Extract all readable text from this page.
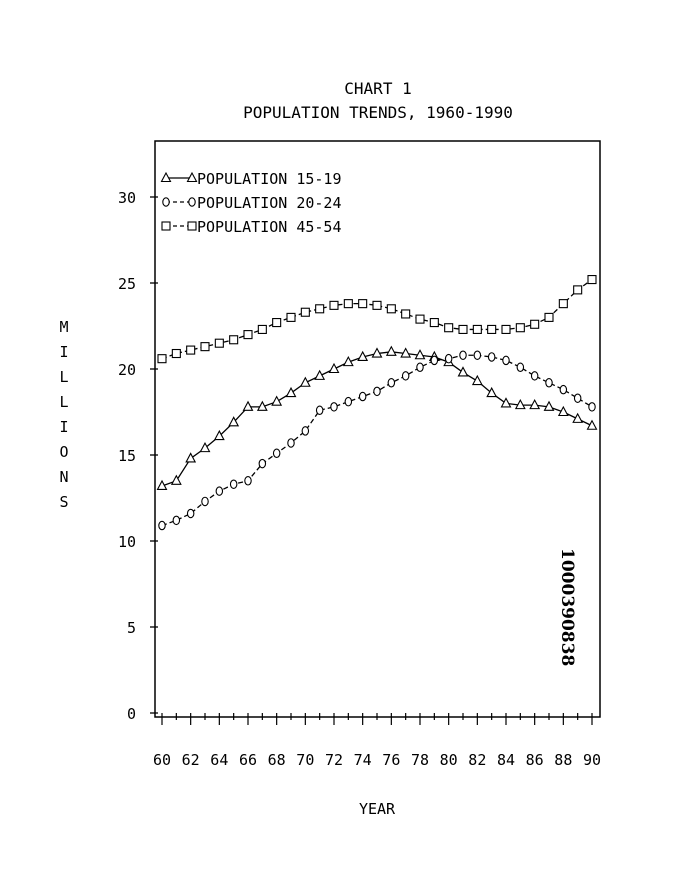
CHART 1
POPULATION TRENDS, 1960-1990
0
5
10
15
20
25
30
60 62 64 66 68 70 72 74 76 78 80 82 84 86 88 90
M
I
L
L
I
O
N
S
YEAR
POPULATION 15-19
POPULATION 20-24
POPULATION 45-54
1000390838
